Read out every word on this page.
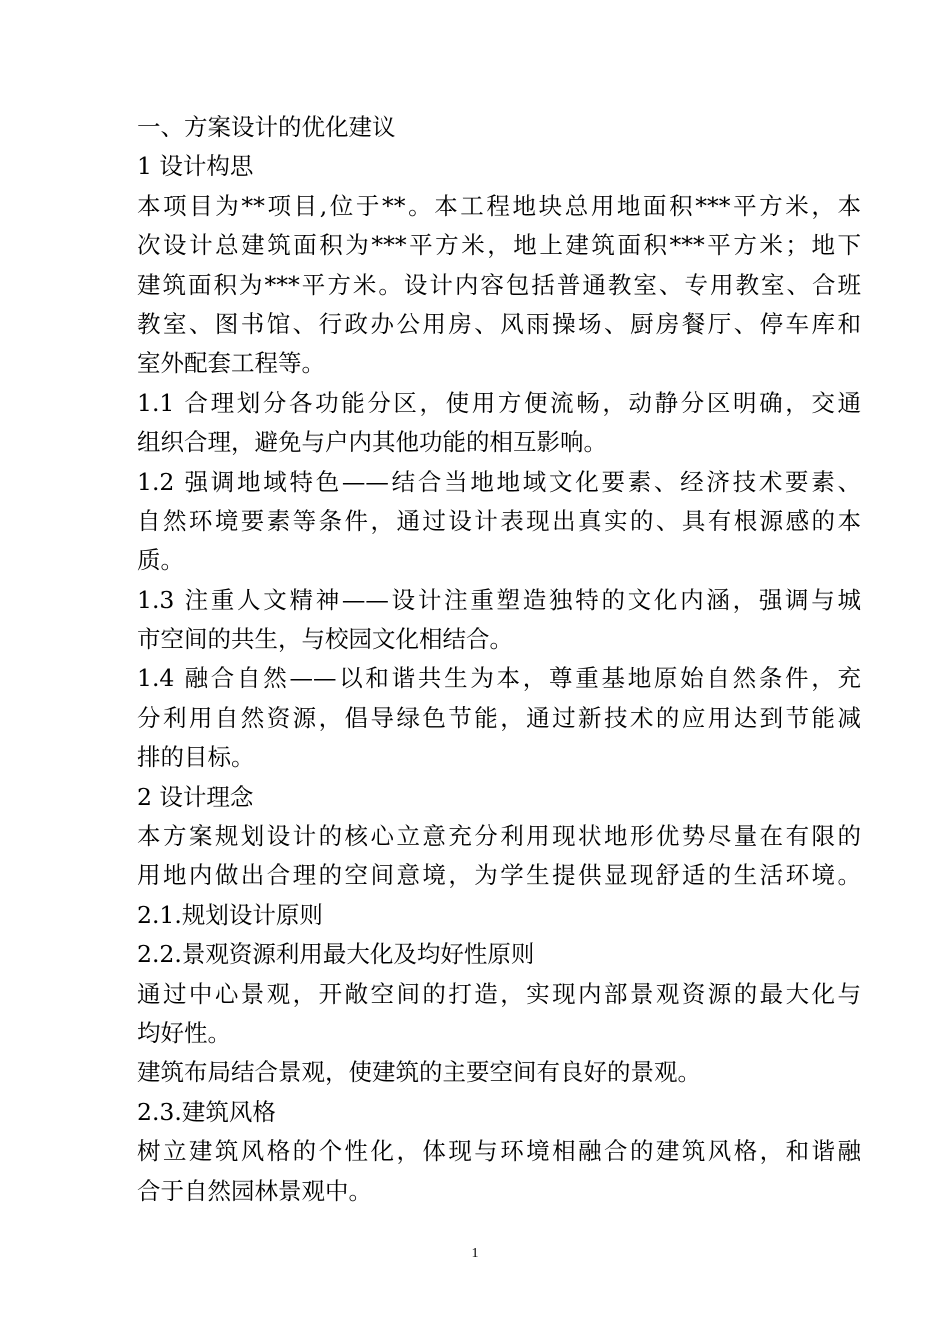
一、方案设计的优化建议
1 设计构思
本项目为**项目,位于**。本工程地块总用地面积***平方米，本
次设计总建筑面积为***平方米，地上建筑面积***平方米；地下
建筑面积为***平方米。设计内容包括普通教室、专用教室、合班
教室、图书馆、行政办公用房、风雨操场、厨房餐厅、停车库和
室外配套工程等。
1.1 合理划分各功能分区，使用方便流畅，动静分区明确，交通
组织合理，避免与户内其他功能的相互影响。
1.2 强调地域特色——结合当地地域文化要素、经济技术要素、
自然环境要素等条件，通过设计表现出真实的、具有根源感的本
质。
1.3 注重人文精神——设计注重塑造独特的文化内涵，强调与城
市空间的共生，与校园文化相结合。
1.4 融合自然——以和谐共生为本，尊重基地原始自然条件，充
分利用自然资源，倡导绿色节能，通过新技术的应用达到节能减
排的目标。
2 设计理念
本方案规划设计的核心立意充分利用现状地形优势尽量在有限的
用地内做出合理的空间意境，为学生提供显现舒适的生活环境。
2.1.规划设计原则
2.2.景观资源利用最大化及均好性原则
通过中心景观，开敞空间的打造，实现内部景观资源的最大化与
均好性。
建筑布局结合景观，使建筑的主要空间有良好的景观。
2.3.建筑风格
树立建筑风格的个性化，体现与环境相融合的建筑风格，和谐融
合于自然园林景观中。
1
